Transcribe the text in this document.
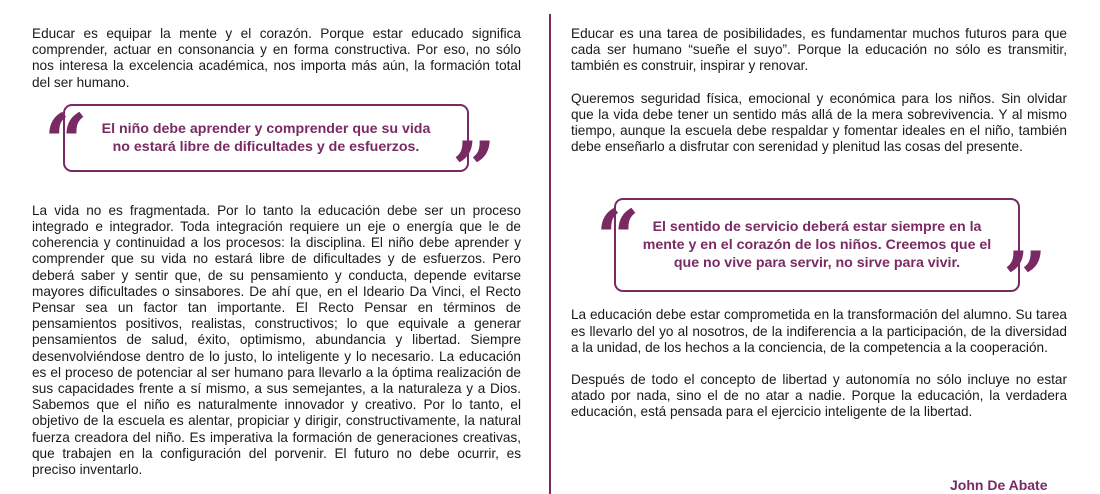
Educar es equipar la mente y el corazón. Porque estar educado significa comprender, actuar en consonancia y en forma constructiva. Por eso, no sólo nos interesa la excelencia académica, nos importa más aún, la formación total del ser humano.

La vida no es fragmentada. Por lo tanto la educación debe ser un proceso integrado e integrador. Toda integración requiere un eje o energía que le de coherencia y continuidad a los procesos: la disciplina. El niño debe aprender y comprender que su vida no estará libre de dificultades y de esfuerzos. Pero deberá saber y sentir que, de su pensamiento y conducta, depende evitarse mayores dificultades o sinsabores. De ahí que, en el Ideario Da Vinci, el Recto Pensar sea un factor tan importante. El Recto Pensar en términos de pensamientos positivos, realistas, constructivos; lo que equivale a generar pensamientos de salud, éxito, optimismo, abundancia y libertad. Siempre desenvolviéndose dentro de lo justo, lo inteligente y lo necesario. La educación es el proceso de potenciar al ser humano para llevarlo a la óptima realización de sus capacidades frente a sí mismo, a sus semejantes, a la naturaleza y a Dios. Sabemos que el niño es naturalmente innovador y creativo. Por lo tanto, el objetivo de la escuela es alentar, propiciar y dirigir, constructivamente, la natural fuerza creadora del niño. Es imperativa la formación de generaciones creativas, que trabajen en la configuración del porvenir. El futuro no debe ocurrir, es preciso inventarlo.

El niño debe aprender y comprender que su vida no estará libre de dificultades y de esfuerzos.

“	”

Educar es una tarea de posibilidades, es fundamentar muchos futuros para que cada ser humano “sueñe el suyo”. Porque la educación no sólo es transmitir, también es construir, inspirar y renovar.

Queremos seguridad física, emocional y económica para los niños. Sin olvidar que la vida debe tener un sentido más allá de la mera sobrevivencia. Y al mismo tiempo, aunque la escuela debe respaldar y fomentar ideales en el niño, también debe enseñarlo a disfrutar con serenidad y plenitud las cosas del presente.

La educación debe estar comprometida en la transformación del alumno. Su tarea es llevarlo del yo al nosotros, de la indiferencia a la participación, de la diversidad a la unidad, de los hechos a la conciencia, de la competencia a la cooperación.

Después de todo el concepto de libertad y autonomía no sólo incluye no estar atado por nada, sino el de no atar a nadie. Porque la educación, la verdadera educación, está pensada para el ejercicio inteligente de la libertad.

El sentido de servicio deberá estar siempre en la mente y en el corazón de los niños. Creemos que el que no vive para servir, no sirve para vivir.

“	”
John De Abate
